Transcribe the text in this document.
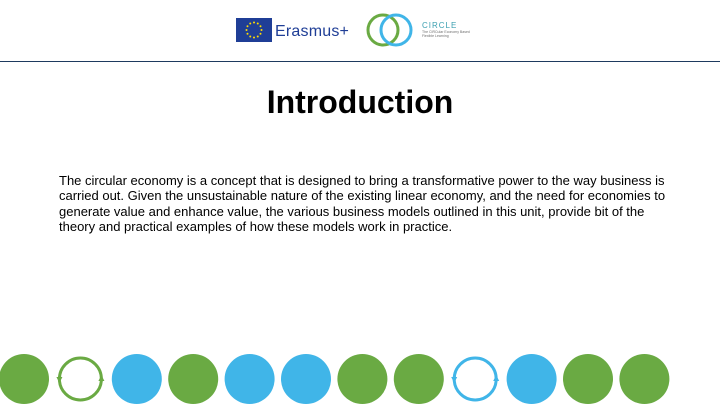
Erasmus+	CIRCLE
The CIRCular Economy Based Flexible Learning
Introduction

The circular economy is a concept that is designed to bring a transformative power to the way business is carried out. Given the unsustainable nature of the existing linear economy, and the need for economies to generate value and enhance value, the various business models outlined in this unit, provide bit of the theory and practical examples of how these models work in practice.
